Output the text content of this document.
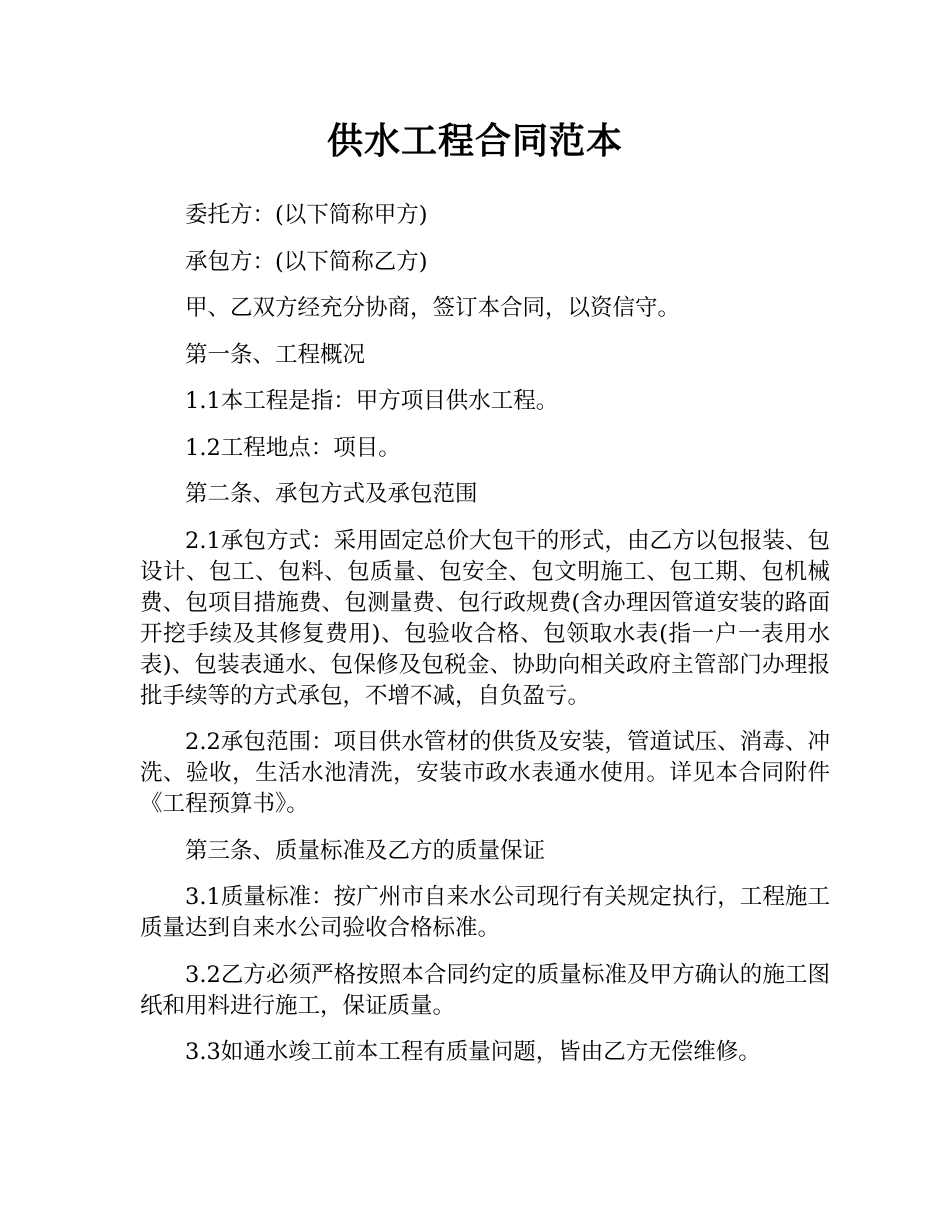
供水工程合同范本

委托方：(以下简称甲方)

承包方：(以下简称乙方)

甲、乙双方经充分协商，签订本合同，以资信守。

第一条、工程概况

1.1本工程是指：甲方项目供水工程。

1.2工程地点：项目。

第二条、承包方式及承包范围

2.1承包方式：采用固定总价大包干的形式，由乙方以包报装、包设计、包工、包料、包质量、包安全、包文明施工、包工期、包机械费、包项目措施费、包测量费、包行政规费(含办理因管道安装的路面开挖手续及其修复费用)、包验收合格、包领取水表(指一户一表用水表)、包装表通水、包保修及包税金、协助向相关政府主管部门办理报批手续等的方式承包，不增不减，自负盈亏。

2.2承包范围：项目供水管材的供货及安装，管道试压、消毒、冲洗、验收，生活水池清洗，安装市政水表通水使用。详见本合同附件《工程预算书》。

第三条、质量标准及乙方的质量保证

3.1质量标准：按广州市自来水公司现行有关规定执行，工程施工质量达到自来水公司验收合格标准。

3.2乙方必须严格按照本合同约定的质量标准及甲方确认的施工图纸和用料进行施工，保证质量。

3.3如通水竣工前本工程有质量问题，皆由乙方无偿维修。
